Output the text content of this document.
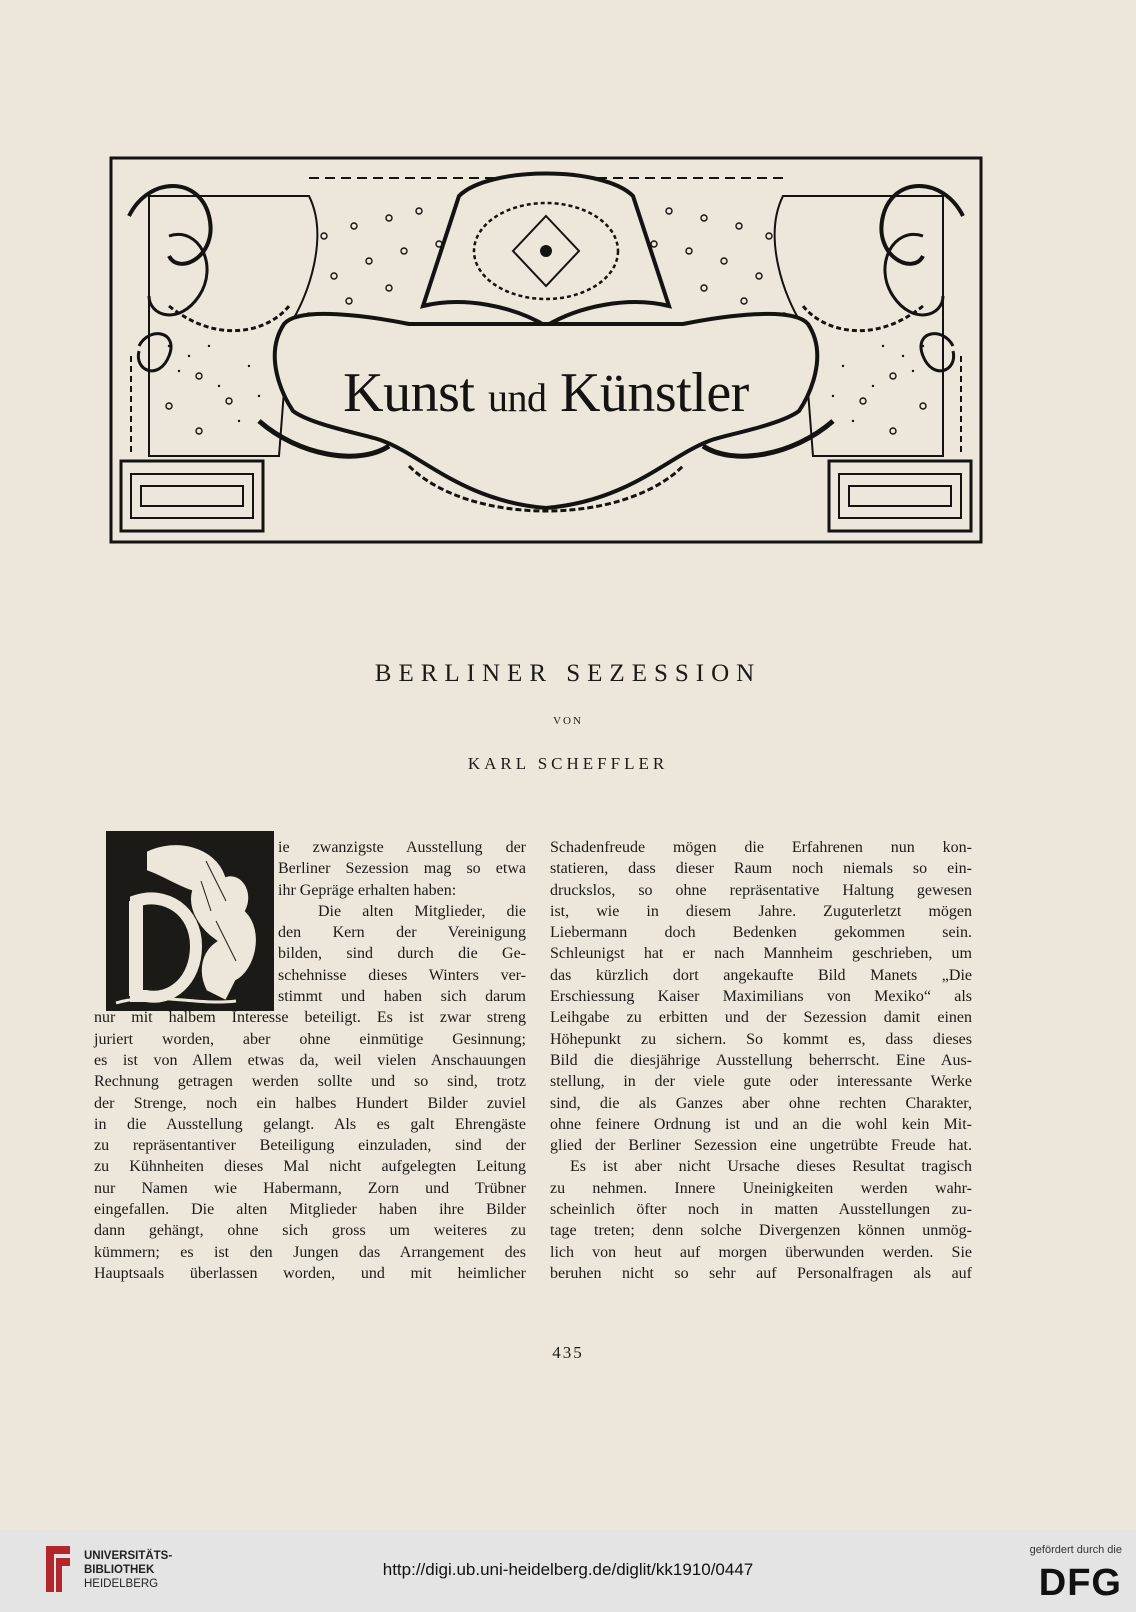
Kunst und Künstler
BERLINER SEZESSION
VON
KARL SCHEFFLER
ie zwanzigste Ausstellung der
Berliner Sezession mag so etwa
ihr Gepräge erhalten haben:
Die alten Mitglieder, die
den Kern der Vereinigung
bilden, sind durch die Ge-
schehnisse dieses Winters ver-
stimmt und haben sich darum
nur mit halbem Interesse beteiligt. Es ist zwar streng
juriert worden, aber ohne einmütige Gesinnung;
es ist von Allem etwas da, weil vielen Anschauungen
Rechnung getragen werden sollte und so sind, trotz
der Strenge, noch ein halbes Hundert Bilder zuviel
in die Ausstellung gelangt. Als es galt Ehrengäste
zu repräsentantiver Beteiligung einzuladen, sind der
zu Kühnheiten dieses Mal nicht aufgelegten Leitung
nur Namen wie Habermann, Zorn und Trübner
eingefallen. Die alten Mitglieder haben ihre Bilder
dann gehängt, ohne sich gross um weiteres zu
kümmern; es ist den Jungen das Arrangement des
Hauptsaals überlassen worden, und mit heimlicher
Schadenfreude mögen die Erfahrenen nun kon-
statieren, dass dieser Raum noch niemals so ein-
druckslos, so ohne repräsentative Haltung gewesen
ist, wie in diesem Jahre. Zuguterletzt mögen
Liebermann doch Bedenken gekommen sein.
Schleunigst hat er nach Mannheim geschrieben, um
das kürzlich dort angekaufte Bild Manets „Die
Erschiessung Kaiser Maximilians von Mexiko“ als
Leihgabe zu erbitten und der Sezession damit einen
Höhepunkt zu sichern. So kommt es, dass dieses
Bild die diesjährige Ausstellung beherrscht. Eine Aus-
stellung, in der viele gute oder interessante Werke
sind, die als Ganzes aber ohne rechten Charakter,
ohne feinere Ordnung ist und an die wohl kein Mit-
glied der Berliner Sezession eine ungetrübte Freude hat.
Es ist aber nicht Ursache dieses Resultat tragisch
zu nehmen. Innere Uneinigkeiten werden wahr-
scheinlich öfter noch in matten Ausstellungen zu-
tage treten; denn solche Divergenzen können unmög-
lich von heut auf morgen überwunden werden. Sie
beruhen nicht so sehr auf Personalfragen als auf
435
UNIVERSITÄTS-
BIBLIOTHEK
HEIDELBERG
http://digi.ub.uni-heidelberg.de/diglit/kk1910/0447
gefördert durch die
DFG
